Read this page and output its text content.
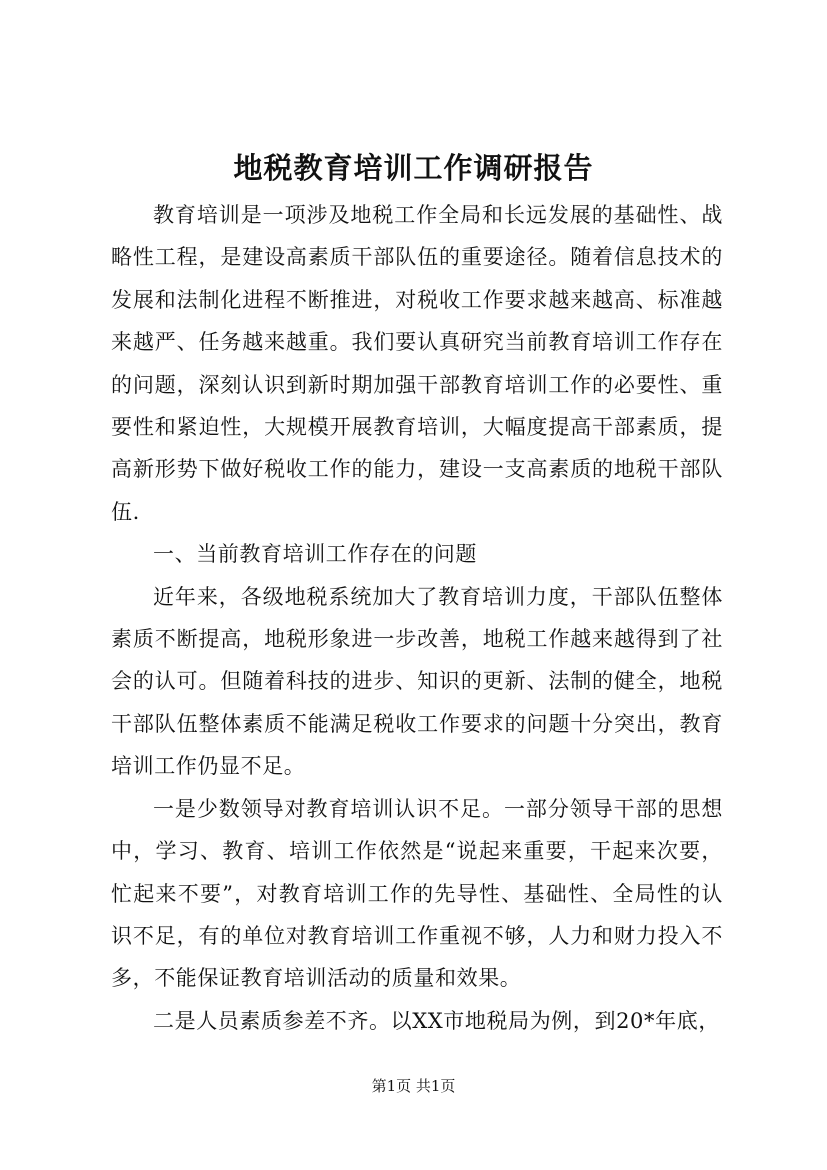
地税教育培训工作调研报告

教育培训是一项涉及地税工作全局和长远发展的基础性、战略性工程，是建设高素质干部队伍的重要途径。随着信息技术的发展和法制化进程不断推进，对税收工作要求越来越高、标准越来越严、任务越来越重。我们要认真研究当前教育培训工作存在的问题，深刻认识到新时期加强干部教育培训工作的必要性、重要性和紧迫性，大规模开展教育培训，大幅度提高干部素质，提高新形势下做好税收工作的能力，建设一支高素质的地税干部队伍.

一、当前教育培训工作存在的问题

近年来，各级地税系统加大了教育培训力度，干部队伍整体素质不断提高，地税形象进一步改善，地税工作越来越得到了社会的认可。但随着科技的进步、知识的更新、法制的健全，地税干部队伍整体素质不能满足税收工作要求的问题十分突出，教育培训工作仍显不足。

一是少数领导对教育培训认识不足。一部分领导干部的思想中，学习、教育、培训工作依然是“说起来重要，干起来次要，忙起来不要”，对教育培训工作的先导性、基础性、全局性的认识不足，有的单位对教育培训工作重视不够，人力和财力投入不多，不能保证教育培训活动的质量和效果。

二是人员素质参差不齐。以XX市地税局为例，到20*年底，

第1页 共1页
